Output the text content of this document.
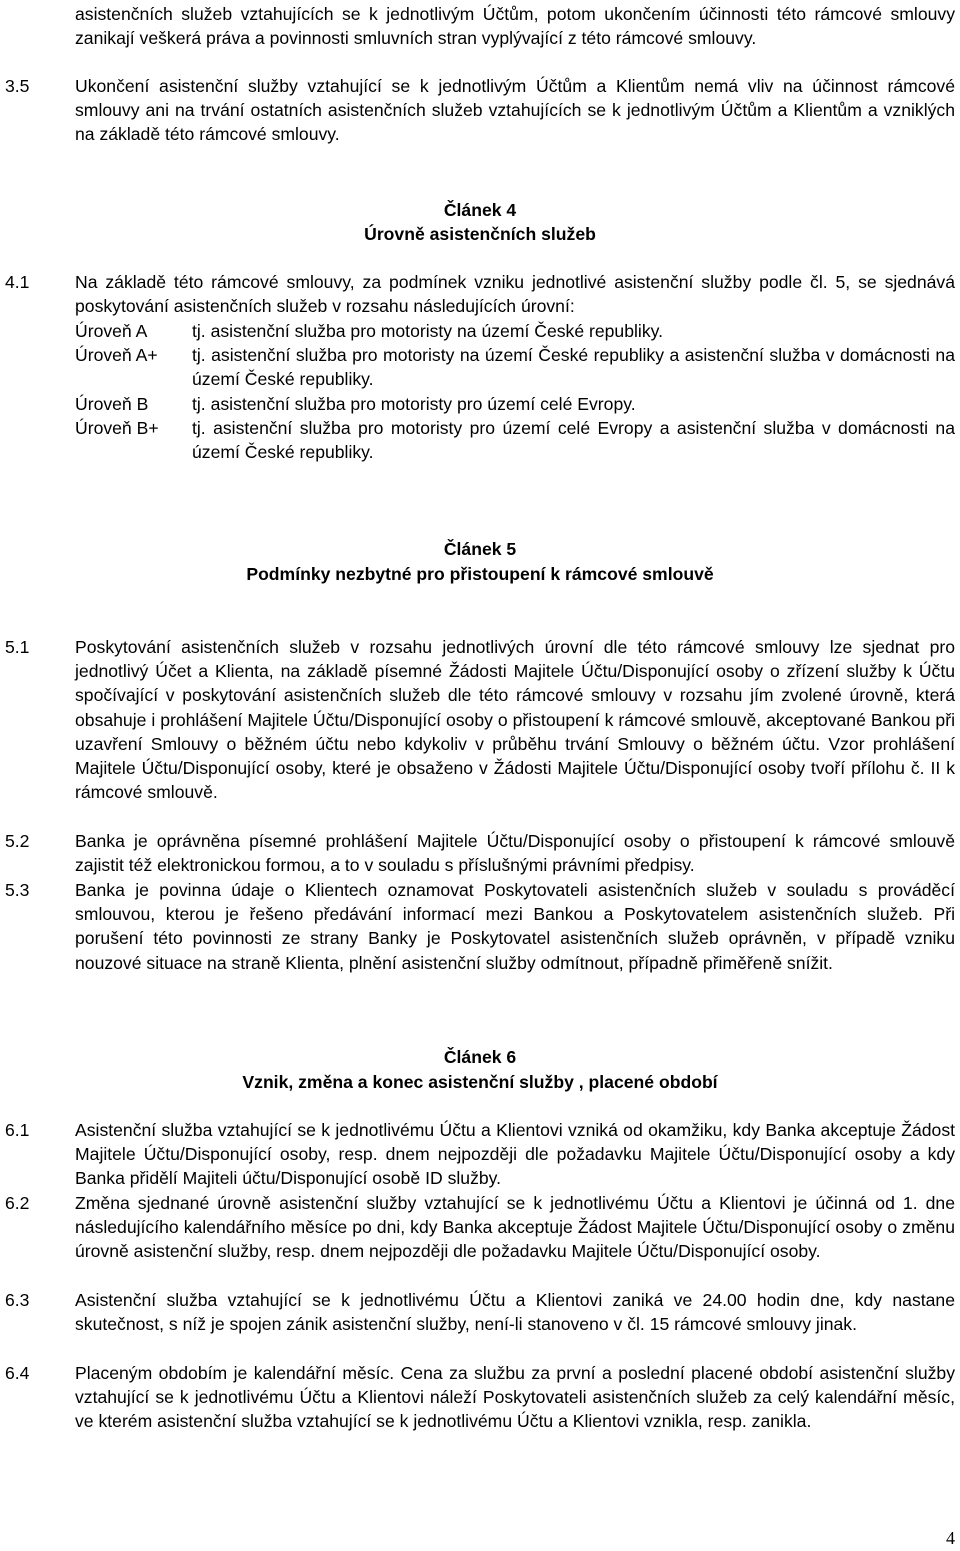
asistenčních služeb vztahujících se k jednotlivým Účtům, potom ukončením účinnosti této rámcové smlouvy zanikají veškerá práva a povinnosti smluvních stran vyplývající z této rámcové smlouvy.
3.5	Ukončení asistenční služby vztahující se k jednotlivým Účtům a Klientům nemá vliv na účinnost rámcové smlouvy ani na trvání ostatních asistenčních služeb vztahujících se k jednotlivým Účtům a Klientům a vzniklých na základě této rámcové smlouvy.
Článek 4
Úrovně asistenčních služeb
4.1	Na základě této rámcové smlouvy, za podmínek vzniku jednotlivé asistenční služby podle čl. 5, se sjednává poskytování asistenčních služeb v rozsahu následujících úrovní:
Úroveň A	tj. asistenční služba pro motoristy na území České republiky.
Úroveň A+ tj. asistenční služba pro motoristy na území České republiky a asistenční služba v domácnosti na území České republiky.
Úroveň B tj. asistenční služba pro motoristy pro území celé Evropy.
Úroveň B+ tj. asistenční služba pro motoristy pro území celé Evropy a asistenční služba v domácnosti na území České republiky.
Článek 5
Podmínky nezbytné pro přistoupení k rámcové smlouvě
5.1	Poskytování asistenčních služeb v rozsahu jednotlivých úrovní dle této rámcové smlouvy lze sjednat pro jednotlivý Účet a Klienta, na základě písemné Žádosti Majitele Účtu/Disponující osoby o zřízení služby k Účtu spočívající v poskytování asistenčních služeb dle této rámcové smlouvy v rozsahu jím zvolené úrovně, která obsahuje i prohlášení Majitele Účtu/Disponující osoby o přistoupení k rámcové smlouvě, akceptované Bankou při uzavření Smlouvy o běžném účtu nebo kdykoliv v průběhu trvání Smlouvy o běžném účtu. Vzor prohlášení Majitele Účtu/Disponující osoby, které je obsaženo v Žádosti Majitele Účtu/Disponující osoby tvoří přílohu č. II k rámcové smlouvě.
5.2	Banka je oprávněna písemné prohlášení Majitele Účtu/Disponující osoby o přistoupení k rámcové smlouvě zajistit též elektronickou formou, a to v souladu s příslušnými právními předpisy.
5.3	Banka je povinna údaje o Klientech oznamovat Poskytovateli asistenčních služeb v souladu s prováděcí smlouvou, kterou je řešeno předávání informací mezi Bankou a Poskytovatelem asistenčních služeb. Při porušení této povinnosti ze strany Banky je Poskytovatel asistenčních služeb oprávněn, v případě vzniku nouzové situace na straně Klienta, plnění asistenční služby odmítnout, případně přiměřeně snížit.
Článek 6
Vznik, změna a konec asistenční služby , placené období
6.1	Asistenční služba vztahující se k jednotlivému Účtu a Klientovi vzniká od okamžiku, kdy Banka akceptuje Žádost Majitele Účtu/Disponující osoby, resp. dnem nejpozději dle požadavku Majitele Účtu/Disponující osoby a kdy Banka přidělí Majiteli účtu/Disponující osobě ID služby.
6.2	Změna sjednané úrovně asistenční služby vztahující se k jednotlivému Účtu a Klientovi je účinná od 1. dne následujícího kalendářního měsíce po dni, kdy Banka akceptuje Žádost Majitele Účtu/Disponující osoby o změnu úrovně asistenční služby, resp. dnem nejpozději dle požadavku Majitele Účtu/Disponující osoby.
6.3	Asistenční služba vztahující se k jednotlivému Účtu a Klientovi zaniká ve 24.00 hodin dne, kdy nastane skutečnost, s níž je spojen zánik asistenční služby, není-li stanoveno v čl. 15 rámcové smlouvy jinak.
6.4	Placeným obdobím je kalendářní měsíc. Cena za službu za první a poslední placené období asistenční služby vztahující se k jednotlivému Účtu a Klientovi náleží Poskytovateli asistenčních služeb za celý kalendářní měsíc, ve kterém asistenční služba vztahující se k jednotlivému Účtu a Klientovi vznikla, resp. zanikla.
4
